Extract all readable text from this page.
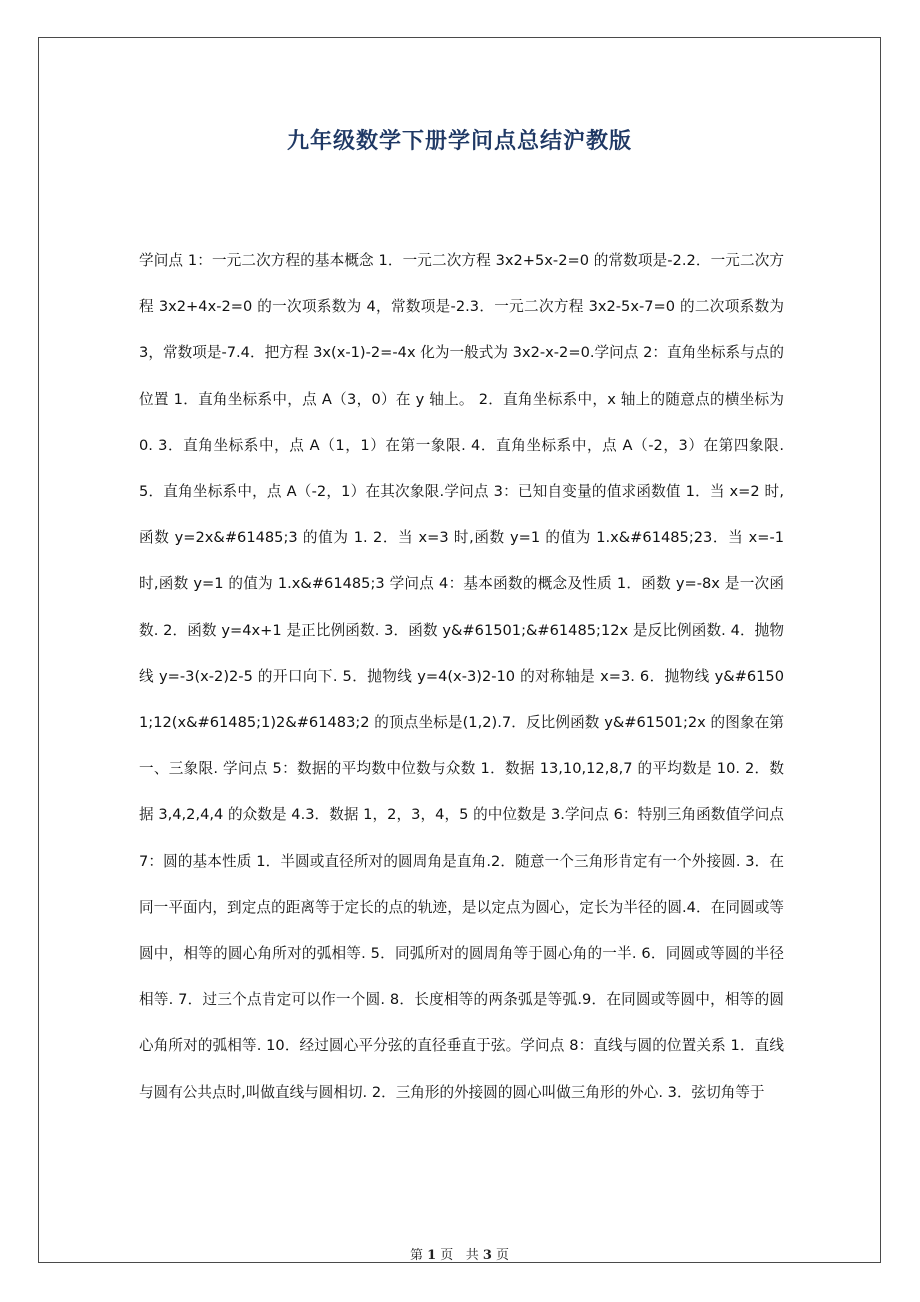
九年级数学下册学问点总结沪教版

学问点 1：一元二次方程的基本概念 1．一元二次方程 3x2+5x-2=0 的常数项是-2.2．一元二次方程 3x2+4x-2=0 的一次项系数为 4，常数项是-2.3．一元二次方程 3x2-5x-7=0 的二次项系数为 3，常数项是-7.4．把方程 3x(x-1)-2=-4x 化为一般式为 3x2-x-2=0.学问点 2：直角坐标系与点的位置 1．直角坐标系中，点 A（3，0）在 y 轴上。 2．直角坐标系中，x 轴上的随意点的横坐标为 0. 3．直角坐标系中，点 A（1，1）在第一象限. 4．直角坐标系中，点 A（-2，3）在第四象限. 5．直角坐标系中，点 A（-2，1）在其次象限.学问点 3：已知自变量的值求函数值 1．当 x=2 时,函数 y=2x&#61485;3 的值为 1. 2．当 x=3 时,函数 y=1 的值为 1.x&#61485;23．当 x=-1 时,函数 y=1 的值为 1.x&#61485;3 学问点 4：基本函数的概念及性质 1．函数 y=-8x 是一次函数. 2．函数 y=4x+1 是正比例函数. 3．函数 y&#61501;&#61485;12x 是反比例函数. 4．抛物线 y=-3(x-2)2-5 的开口向下. 5．抛物线 y=4(x-3)2-10 的对称轴是 x=3. 6．抛物线 y&#61501;12(x&#61485;1)2&#61483;2 的顶点坐标是(1,2).7．反比例函数 y&#61501;2x 的图象在第一、三象限. 学问点 5：数据的平均数中位数与众数 1．数据 13,10,12,8,7 的平均数是 10. 2．数据 3,4,2,4,4 的众数是 4.3．数据 1，2，3，4，5 的中位数是 3.学问点 6：特别三角函数值学问点 7：圆的基本性质 1．半圆或直径所对的圆周角是直角.2．随意一个三角形肯定有一个外接圆. 3．在同一平面内，到定点的距离等于定长的点的轨迹，是以定点为圆心，定长为半径的圆.4．在同圆或等圆中，相等的圆心角所对的弧相等. 5．同弧所对的圆周角等于圆心角的一半. 6．同圆或等圆的半径相等. 7．过三个点肯定可以作一个圆. 8．长度相等的两条弧是等弧.9．在同圆或等圆中，相等的圆心角所对的弧相等. 10．经过圆心平分弦的直径垂直于弦。学问点 8：直线与圆的位置关系 1．直线与圆有公共点时,叫做直线与圆相切. 2．三角形的外接圆的圆心叫做三角形的外心. 3．弦切角等于

第 1 页 共 3 页
